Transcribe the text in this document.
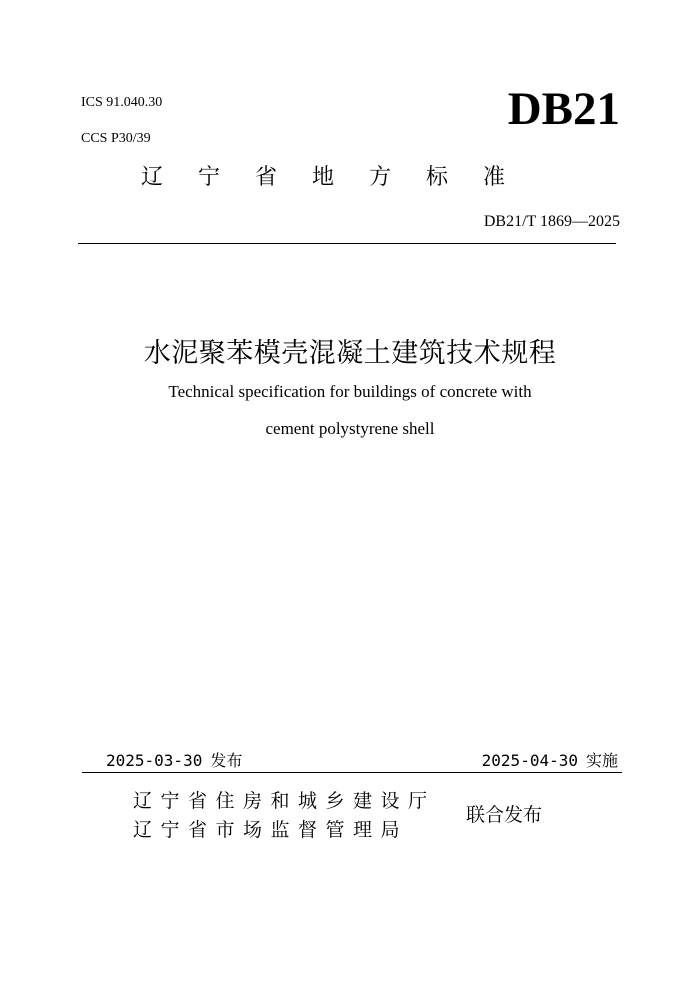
ICS 91.040.30
CCS P30/39
DB21
辽 宁 省 地 方 标 准
DB21/T 1869—2025
水泥聚苯模壳混凝土建筑技术规程
Technical specification for buildings of concrete with
cement polystyrene shell
2025-03-30 发布	2025-04-30 实施
辽宁省住房和城乡建设厅
辽宁省市场监督管理局
联合发布
